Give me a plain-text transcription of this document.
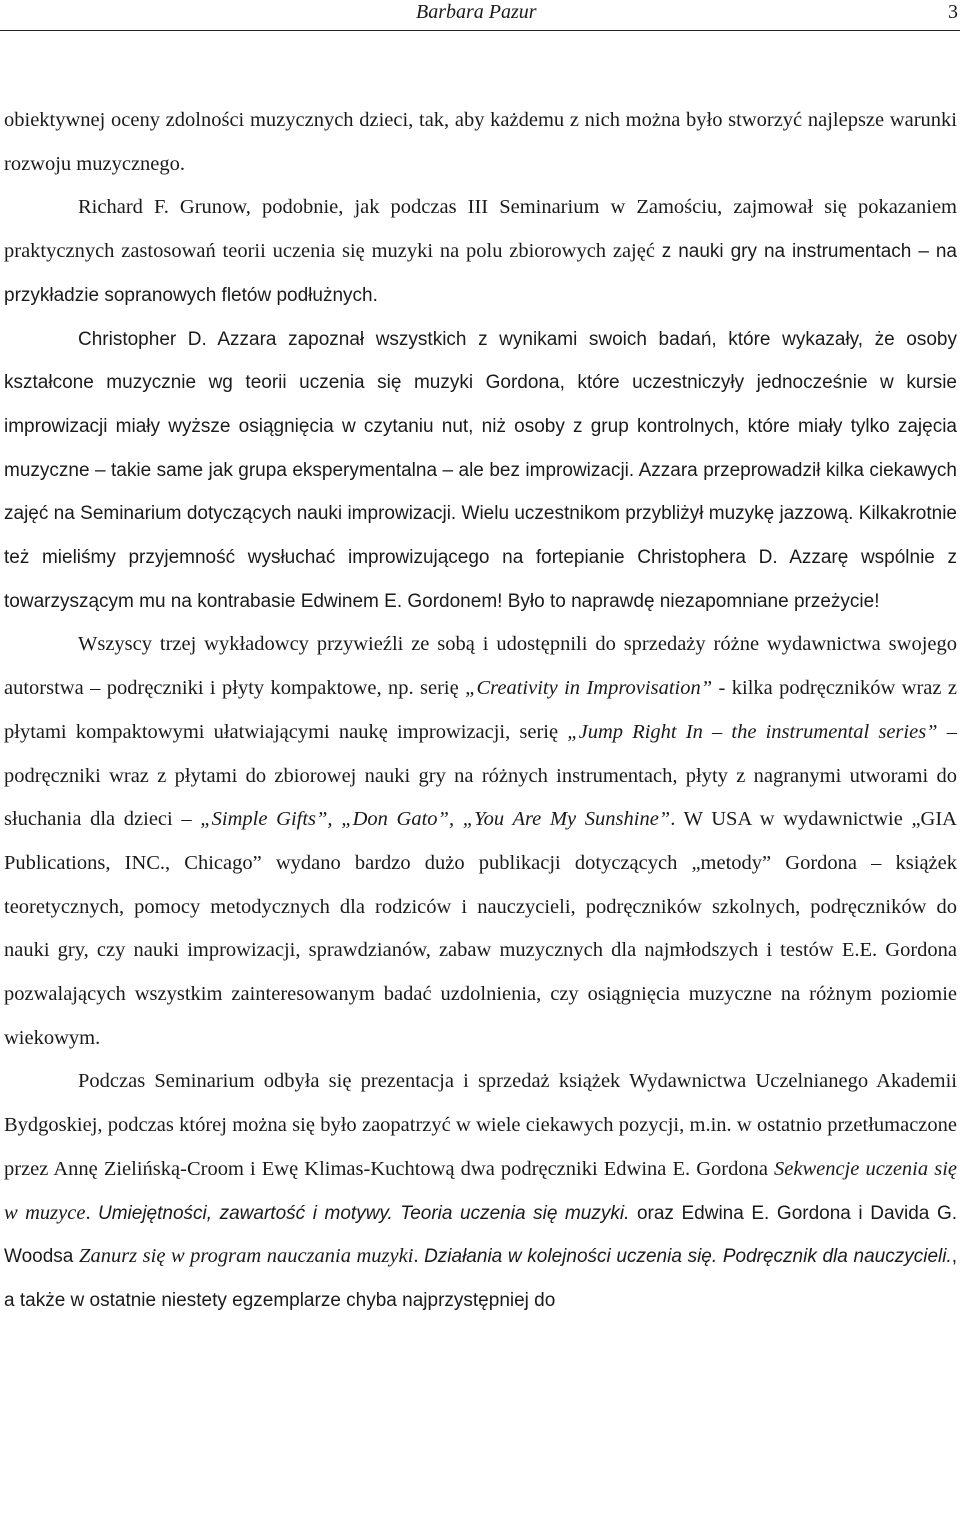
Barbara Pazur	3

obiektywnej oceny zdolności muzycznych dzieci, tak, aby każdemu z nich można było stworzyć najlepsze warunki rozwoju muzycznego.

Richard F. Grunow, podobnie, jak podczas III Seminarium w Zamościu, zajmował się pokazaniem praktycznych zastosowań teorii uczenia się muzyki na polu zbiorowych zajęć z nauki gry na instrumentach – na przykładzie sopranowych fletów podłużnych.

Christopher D. Azzara zapoznał wszystkich z wynikami swoich badań, które wykazały, że osoby kształcone muzycznie wg teorii uczenia się muzyki Gordona, które uczestniczyły jednocześnie w kursie improwizacji miały wyższe osiągnięcia w czytaniu nut, niż osoby z grup kontrolnych, które miały tylko zajęcia muzyczne – takie same jak grupa eksperymentalna – ale bez improwizacji. Azzara przeprowadził kilka ciekawych zajęć na Seminarium dotyczących nauki improwizacji. Wielu uczestnikom przybliżył muzykę jazzową. Kilkakrotnie też mieliśmy przyjemność wysłuchać improwizującego na fortepianie Christophera D. Azzarę wspólnie z towarzyszącym mu na kontrabasie Edwinem E. Gordonem! Było to naprawdę niezapomniane przeżycie!

Wszyscy trzej wykładowcy przywieźli ze sobą i udostępnili do sprzedaży różne wydawnictwa swojego autorstwa – podręczniki i płyty kompaktowe, np. serię „Creativity in Improvisation” - kilka podręczników wraz z płytami kompaktowymi ułatwiającymi naukę improwizacji, serię „Jump Right In – the instrumental series” – podręczniki wraz z płytami do zbiorowej nauki gry na różnych instrumentach, płyty z nagranymi utworami do słuchania dla dzieci – „Simple Gifts”, „Don Gato”, „You Are My Sunshine”. W USA w wydawnictwie „GIA Publications, INC., Chicago” wydano bardzo dużo publikacji dotyczących „metody” Gordona – książek teoretycznych, pomocy metodycznych dla rodziców i nauczycieli, podręczników szkolnych, podręczników do nauki gry, czy nauki improwizacji, sprawdzianów, zabaw muzycznych dla najmłodszych i testów E.E. Gordona pozwalających wszystkim zainteresowanym badać uzdolnienia, czy osiągnięcia muzyczne na różnym poziomie wiekowym.

Podczas Seminarium odbyła się prezentacja i sprzedaż książek Wydawnictwa Uczelnianego Akademii Bydgoskiej, podczas której można się było zaopatrzyć w wiele ciekawych pozycji, m.in. w ostatnio przetłumaczone przez Annę Zielińską-Croom i Ewę Klimas-Kuchtową dwa podręczniki Edwina E. Gordona Sekwencje uczenia się w muzyce. Umiejętności, zawartość i motywy. Teoria uczenia się muzyki. oraz Edwina E. Gordona i Davida G. Woodsa Zanurz się w program nauczania muzyki. Działania w kolejności uczenia się. Podręcznik dla nauczycieli., a także w ostatnie niestety egzemplarze chyba najprzystępniej do
